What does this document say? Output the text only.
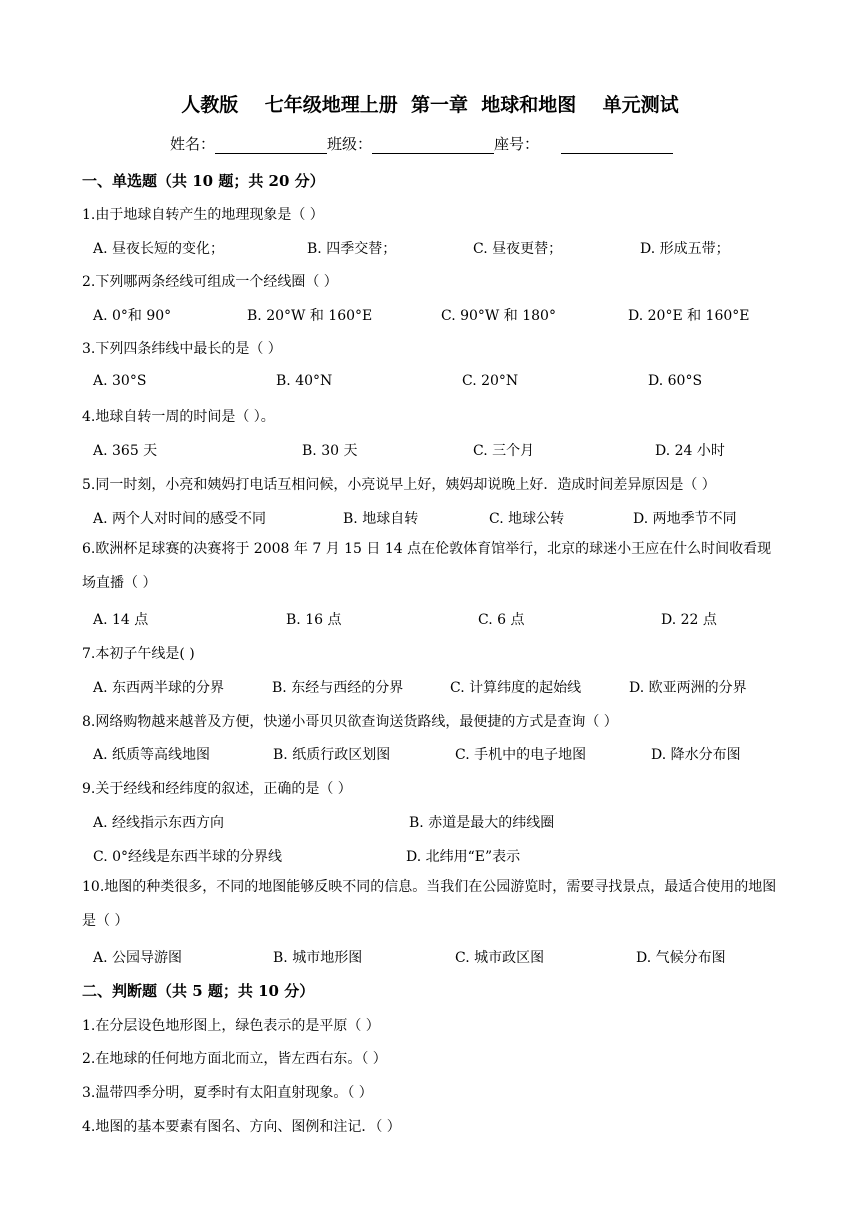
人教版    七年级地理上册  第一章  地球和地图    单元测试
姓名：	班级：	座号：
一、单选题（共 10 题；共 20 分）
1.由于地球自转产生的地理现象是（ ）
A. 昼夜长短的变化；	B. 四季交替；	C. 昼夜更替；	D. 形成五带；
2.下列哪两条经线可组成一个经线圈（ ）
A. 0°和 90°	B. 20°W 和 160°E	C. 90°W 和 180°	D. 20°E 和 160°E
3.下列四条纬线中最长的是（ ）
A. 30°S	B. 40°N	C. 20°N	D. 60°S
4.地球自转一周的时间是（ ）。
A. 365 天	B. 30 天	C. 三个月	D. 24 小时
5.同一时刻，小亮和姨妈打电话互相问候，小亮说早上好，姨妈却说晚上好．造成时间差异原因是（ ）
A. 两个人对时间的感受不同	B. 地球自转	C. 地球公转	D. 两地季节不同
6.欧洲杯足球赛的决赛将于 2008 年 7 月 15 日 14 点在伦敦体育馆举行，北京的球迷小王应在什么时间收看现场直播（ ）
A. 14 点	B. 16 点	C. 6 点	D. 22 点
7.本初子午线是( )
A. 东西两半球的分界	B. 东经与西经的分界	C. 计算纬度的起始线	D. 欧亚两洲的分界
8.网络购物越来越普及方便，快递小哥贝贝欲查询送货路线，最便捷的方式是查询（ ）
A. 纸质等高线地图	B. 纸质行政区划图	C. 手机中的电子地图	D. 降水分布图
9.关于经线和经纬度的叙述，正确的是（ ）
A. 经线指示东西方向	B. 赤道是最大的纬线圈
C. 0°经线是东西半球的分界线	D. 北纬用“E”表示
10.地图的种类很多，不同的地图能够反映不同的信息。当我们在公园游览时，需要寻找景点，最适合使用的地图是（ ）
A. 公园导游图	B. 城市地形图	C. 城市政区图	D. 气候分布图
二、判断题（共 5 题；共 10 分）
1.在分层设色地形图上，绿色表示的是平原（ ）
2.在地球的任何地方面北而立，皆左西右东。（ ）
3.温带四季分明，夏季时有太阳直射现象。（ ）
4.地图的基本要素有图名、方向、图例和注记．（ ）
